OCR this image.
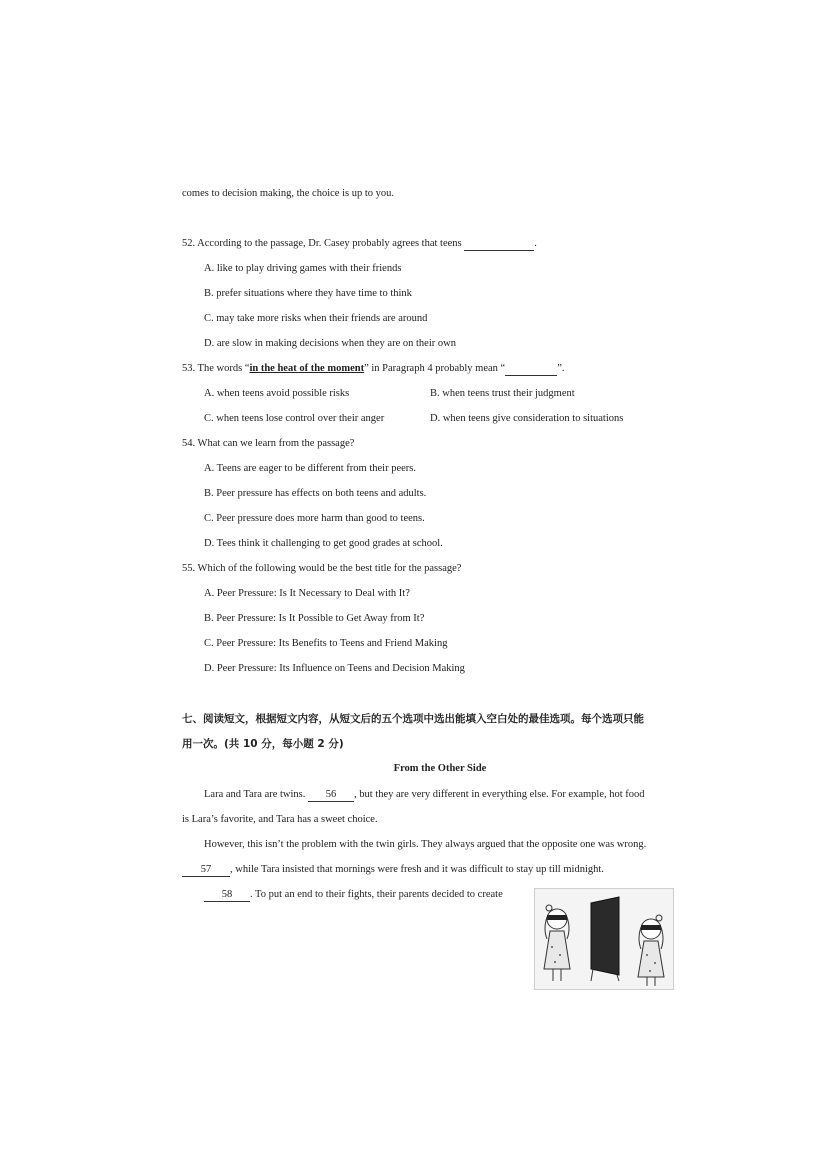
comes to decision making, the choice is up to you.
52. According to the passage, Dr. Casey probably agrees that teens	.
A. like to play driving games with their friends
B. prefer situations where they have time to think
C. may take more risks when their friends are around
D. are slow in making decisions when they are on their own
53. The words “in the heat of the moment” in Paragraph 4 probably mean “	”.
A. when teens avoid possible risks	B. when teens trust their judgment
C. when teens lose control over their anger	D. when teens give consideration to situations
54. What can we learn from the passage?
A. Teens are eager to be different from their peers.
B. Peer pressure has effects on both teens and adults.
C. Peer pressure does more harm than good to teens.
D. Tees think it challenging to get good grades at school.
55. Which of the following would be the best title for the passage?
A. Peer Pressure: Is It Necessary to Deal with It?
B. Peer Pressure: Is It Possible to Get Away from It?
C. Peer Pressure: Its Benefits to Teens and Friend Making
D. Peer Pressure: Its Influence on Teens and Decision Making
七、阅读短文，根据短文内容，从短文后的五个选项中选出能填入空白处的最佳选项。每个选项只能
用一次。(共 10 分，每小题 2 分)
From the Other Side
Lara and Tara are twins. 56 , but they are very different in everything else. For example, hot food
is Lara’s favorite, and Tara has a sweet choice.
However, this isn’t the problem with the twin girls. They always argued that the opposite one was wrong.
57 , while Tara insisted that mornings were fresh and it was difficult to stay up till midnight.
58 . To put an end to their fights, their parents decided to create
